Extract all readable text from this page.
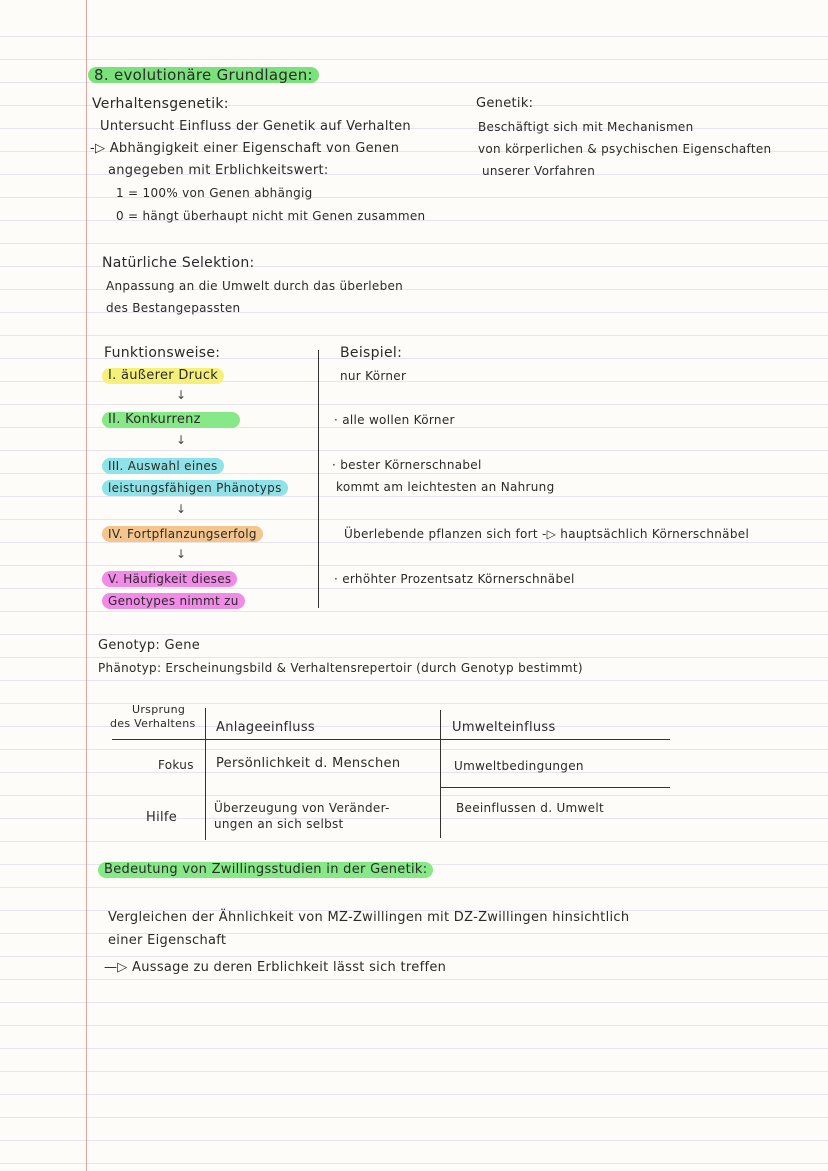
8. evolutionäre Grundlagen:
Verhaltensgenetik:
Untersucht Einfluss der Genetik auf Verhalten
-▷ Abhängigkeit einer Eigenschaft von Genen
angegeben mit Erblichkeitswert:
1 = 100% von Genen abhängig
0 = hängt überhaupt nicht mit Genen zusammen
Genetik:
Beschäftigt sich mit Mechanismen
von körperlichen & psychischen Eigenschaften
unserer Vorfahren
Natürliche Selektion:
Anpassung an die Umwelt durch das überleben
des Bestangepassten
Funktionsweise:
I. äußerer Druck
↓
II. Konkurrenz
↓
III. Auswahl eines
leistungsfähigen Phänotyps
↓
IV. Fortpflanzungserfolg
↓
V. Häufigkeit dieses
Genotypes nimmt zu
Beispiel:
nur Körner
· alle wollen Körner
· bester Körnerschnabel
kommt am leichtesten an Nahrung
Überlebende pflanzen sich fort -▷ hauptsächlich Körnerschnäbel
· erhöhter Prozentsatz Körnerschnäbel
Genotyp: Gene
Phänotyp: Erscheinungsbild & Verhaltensrepertoir (durch Genotyp bestimmt)
Ursprung
des Verhaltens Anlageeinfluss	Umwelteinfluss
Fokus Persönlichkeit d. Menschen	Umweltbedingungen
Hilfe
Überzeugung von Veränder-
ungen an sich selbst
Beeinflussen d. Umwelt
Bedeutung von Zwillingsstudien in der Genetik:
Vergleichen der Ähnlichkeit von MZ-Zwillingen mit DZ-Zwillingen hinsichtlich
einer Eigenschaft
—▷ Aussage zu deren Erblichkeit lässt sich treffen
